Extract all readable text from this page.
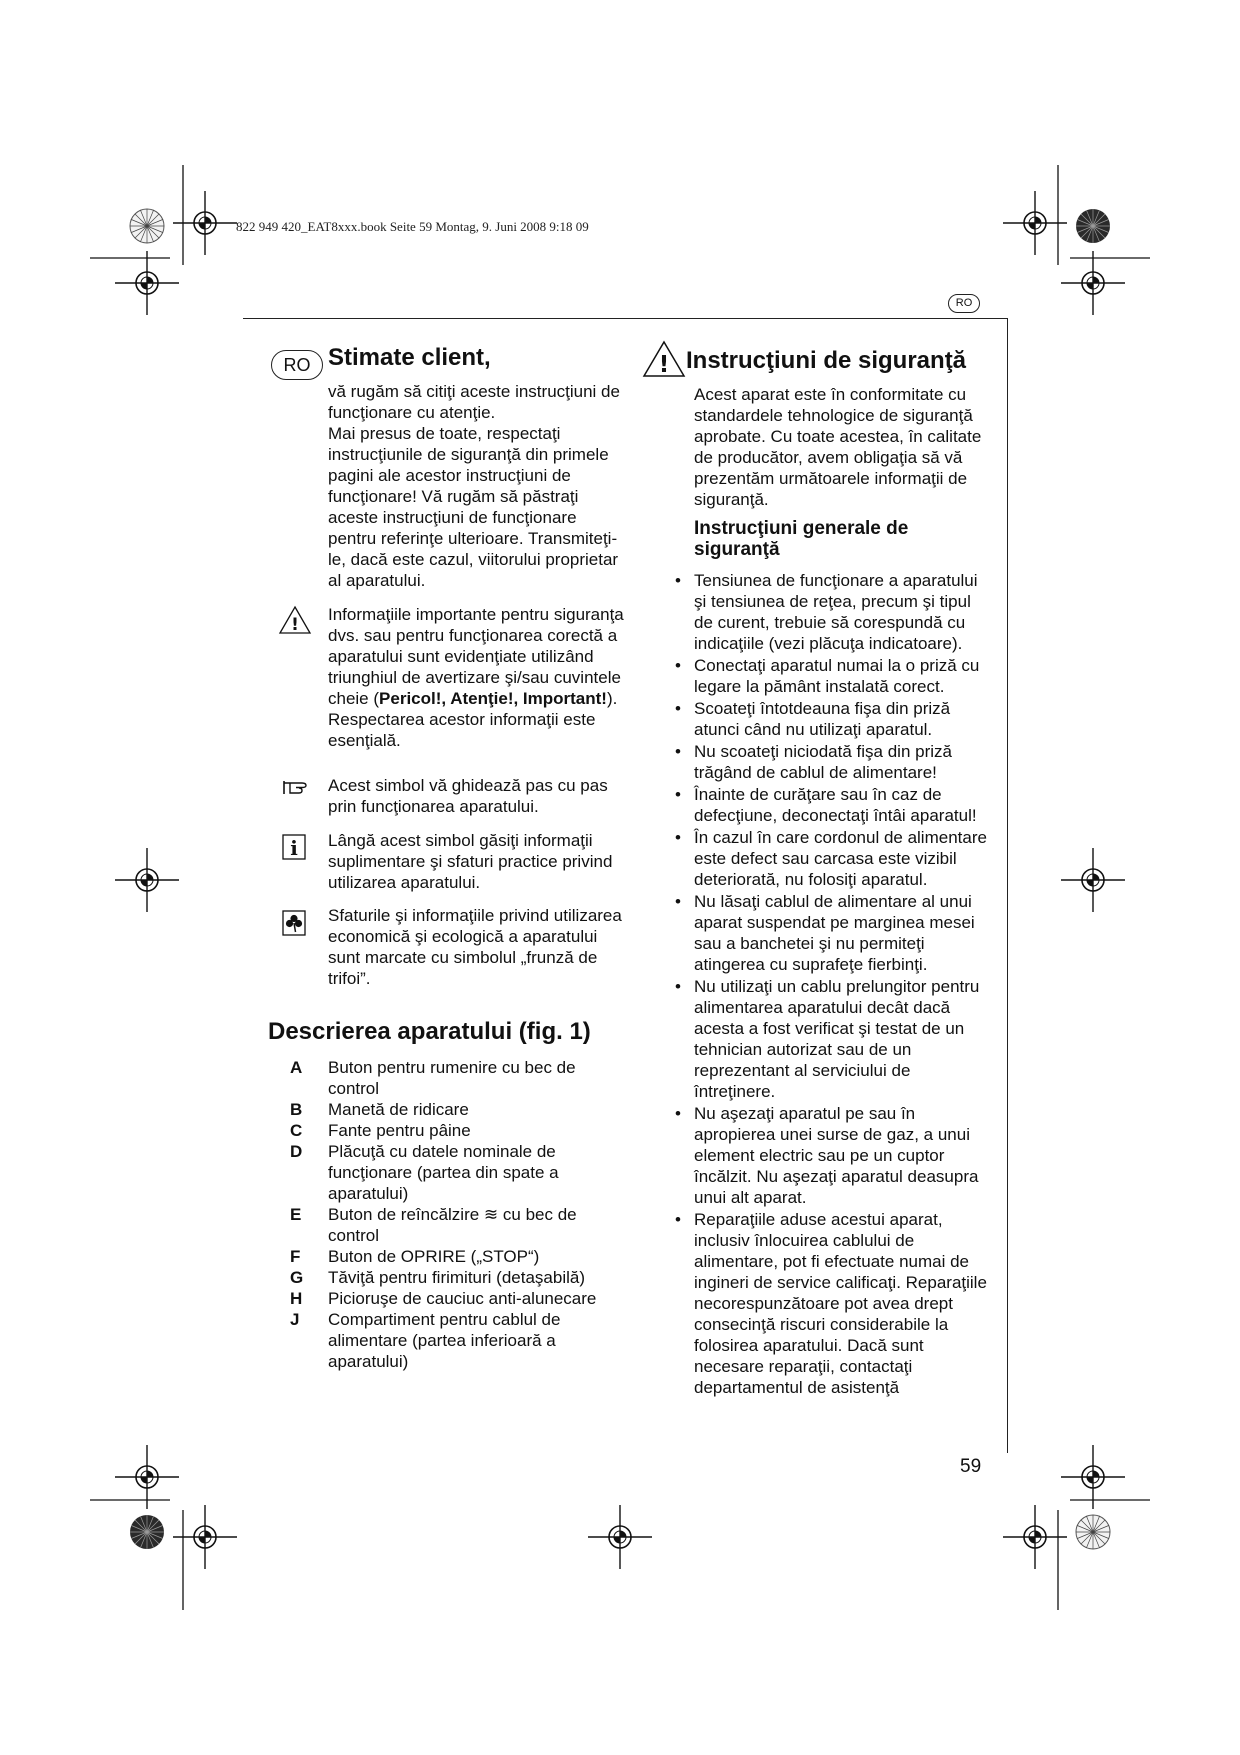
822 949 420_EAT8xxx.book Seite 59 Montag, 9. Juni 2008 9:18 09
RO
RO Stimate client,

vă rugăm să citiţi aceste instrucţiuni de funcţionare cu atenţie.

Mai presus de toate, respectaţi instrucţiunile de siguranţă din primele pagini ale acestor instrucţiuni de funcţionare! Vă rugăm să păstraţi aceste instrucţiuni de funcţionare pentru referinţe ulterioare. Transmiteţi-le, dacă este cazul, viitorului proprietar al aparatului.

!

Informaţiile importante pentru siguranţa dvs. sau pentru funcţionarea corectă a aparatului sunt evidenţiate utilizând triunghiul de avertizare şi/sau cuvintele cheie (Pericol!, Atenţie!, Important!). Respectarea acestor informaţii este esenţială.

Acest simbol vă ghidează pas cu pas prin funcţionarea aparatului.

i Lângă acest simbol găsiţi informaţii suplimentare şi sfaturi practice privind utilizarea aparatului.

Sfaturile şi informaţiile privind utilizarea economică şi ecologică a aparatului sunt marcate cu simbolul „frunză de trifoi”.

Descrierea aparatului (fig. 1)
A Buton pentru rumenire cu bec de control
B Manetă de ridicare
C Fante pentru pâine
D Plăcuţă cu datele nominale de funcţionare (partea din spate a aparatului)
E Buton de reîncălzire ≋ cu bec de control
F Buton de OPRIRE („STOP“)
G Tăviţă pentru firimituri (detaşabilă)
H Picioruşe de cauciuc anti-alunecare
J Compartiment pentru cablul de alimentare (partea inferioară a aparatului)
! Instrucţiuni de siguranţă

Acest aparat este în conformitate cu standardele tehnologice de siguranţă aprobate. Cu toate acestea, în calitate de producător, avem obligaţia să vă prezentăm următoarele informaţii de siguranţă.

Instrucţiuni generale de siguranţă
• Tensiunea de funcţionare a aparatului şi tensiunea de reţea, precum şi tipul de curent, trebuie să corespundă cu indicaţiile (vezi plăcuţa indicatoare).
• Conectaţi aparatul numai la o priză cu legare la pământ instalată corect.
• Scoateţi întotdeauna fişa din priză atunci când nu utilizaţi aparatul.
• Nu scoateţi niciodată fişa din priză trăgând de cablul de alimentare!
• Înainte de curăţare sau în caz de defecţiune, deconectaţi întâi aparatul!
• În cazul în care cordonul de alimentare este defect sau carcasa este vizibil deteriorată, nu folosiţi aparatul.
• Nu lăsaţi cablul de alimentare al unui aparat suspendat pe marginea mesei sau a banchetei şi nu permiteţi atingerea cu suprafeţe fierbinţi.
• Nu utilizaţi un cablu prelungitor pentru alimentarea aparatului decât dacă acesta a fost verificat şi testat de un tehnician autorizat sau de un reprezentant al serviciului de întreţinere.
• Nu aşezaţi aparatul pe sau în apropierea unei surse de gaz, a unui element electric sau pe un cuptor încălzit. Nu aşezaţi aparatul deasupra unui alt aparat.
• Reparaţiile aduse acestui aparat, inclusiv înlocuirea cablului de alimentare, pot fi efectuate numai de ingineri de service calificaţi. Reparaţiile necorespunzătoare pot avea drept consecinţă riscuri considerabile la folosirea aparatului. Dacă sunt necesare reparaţii, contactaţi departamentul de asistenţă
59
